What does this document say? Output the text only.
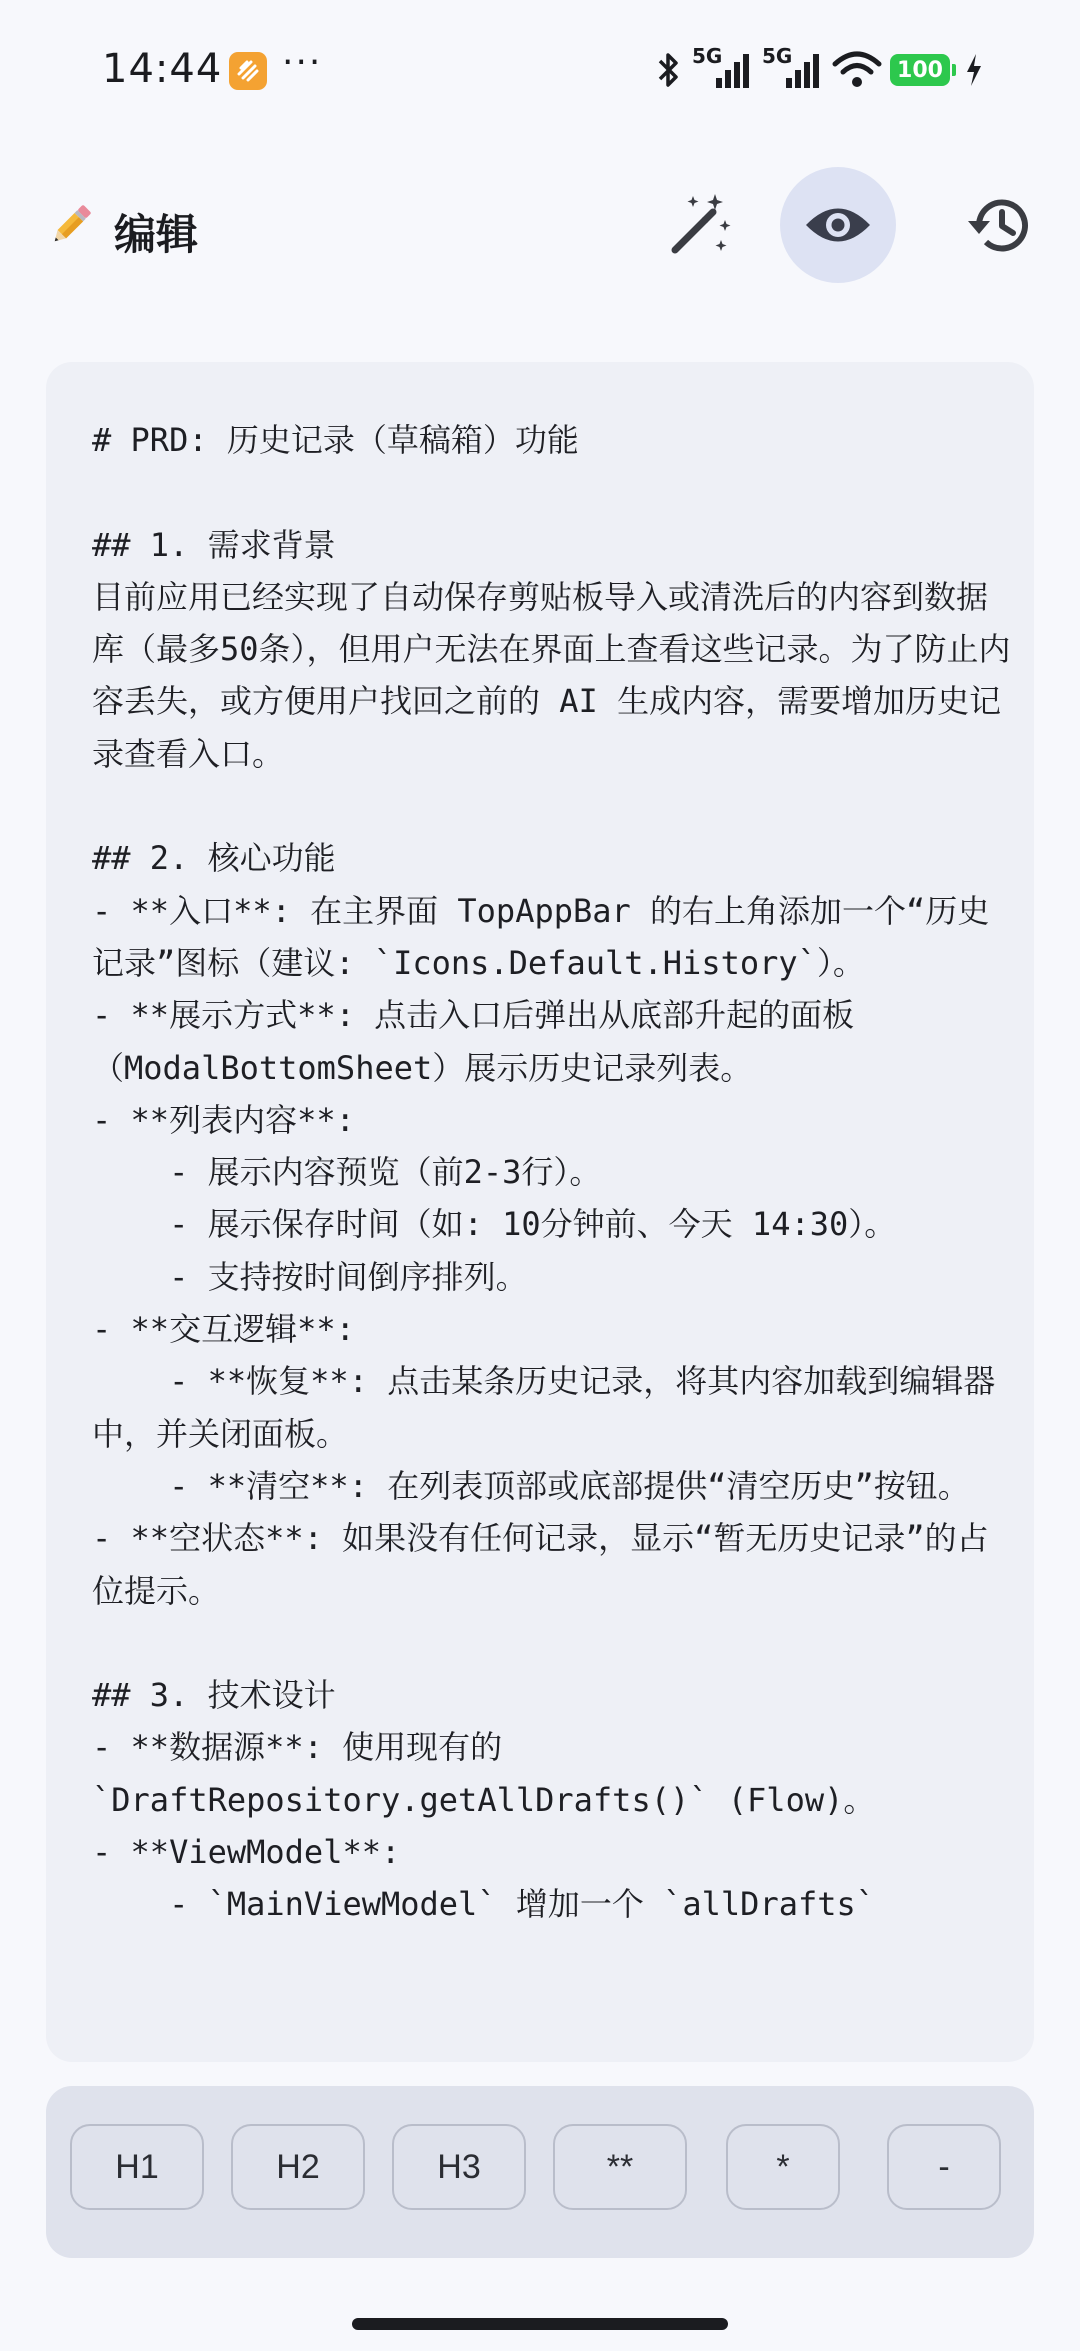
14:44 ···	5G 5G
100
编辑
# PRD: 历史记录（草稿箱）功能

## 1. 需求背景
目前应用已经实现了自动保存剪贴板导入或清洗后的内容到数据库（最多50条），但用户无法在界面上查看这些记录。为了防止内容丢失，或方便用户找回之前的 AI 生成内容，需要增加历史记录查看入口。

## 2. 核心功能
- **入口**: 在主界面 TopAppBar 的右上角添加一个“历史记录”图标（建议: `Icons.Default.History`）。
- **展示方式**: 点击入口后弹出从底部升起的面板（ModalBottomSheet）展示历史记录列表。
- **列表内容**:
- 展示内容预览（前2-3行）。
- 展示保存时间（如: 10分钟前、今天 14:30）。
- 支持按时间倒序排列。
- **交互逻辑**:
- **恢复**: 点击某条历史记录，将其内容加载到编辑器中，并关闭面板。
- **清空**: 在列表顶部或底部提供“清空历史”按钮。
- **空状态**: 如果没有任何记录，显示“暂无历史记录”的占位提示。

## 3. 技术设计
- **数据源**: 使用现有的 `DraftRepository.getAllDrafts()` (Flow)。
- **ViewModel**:
- `MainViewModel` 增加一个 `allDrafts`
H1	H2	H3	**	*	-
